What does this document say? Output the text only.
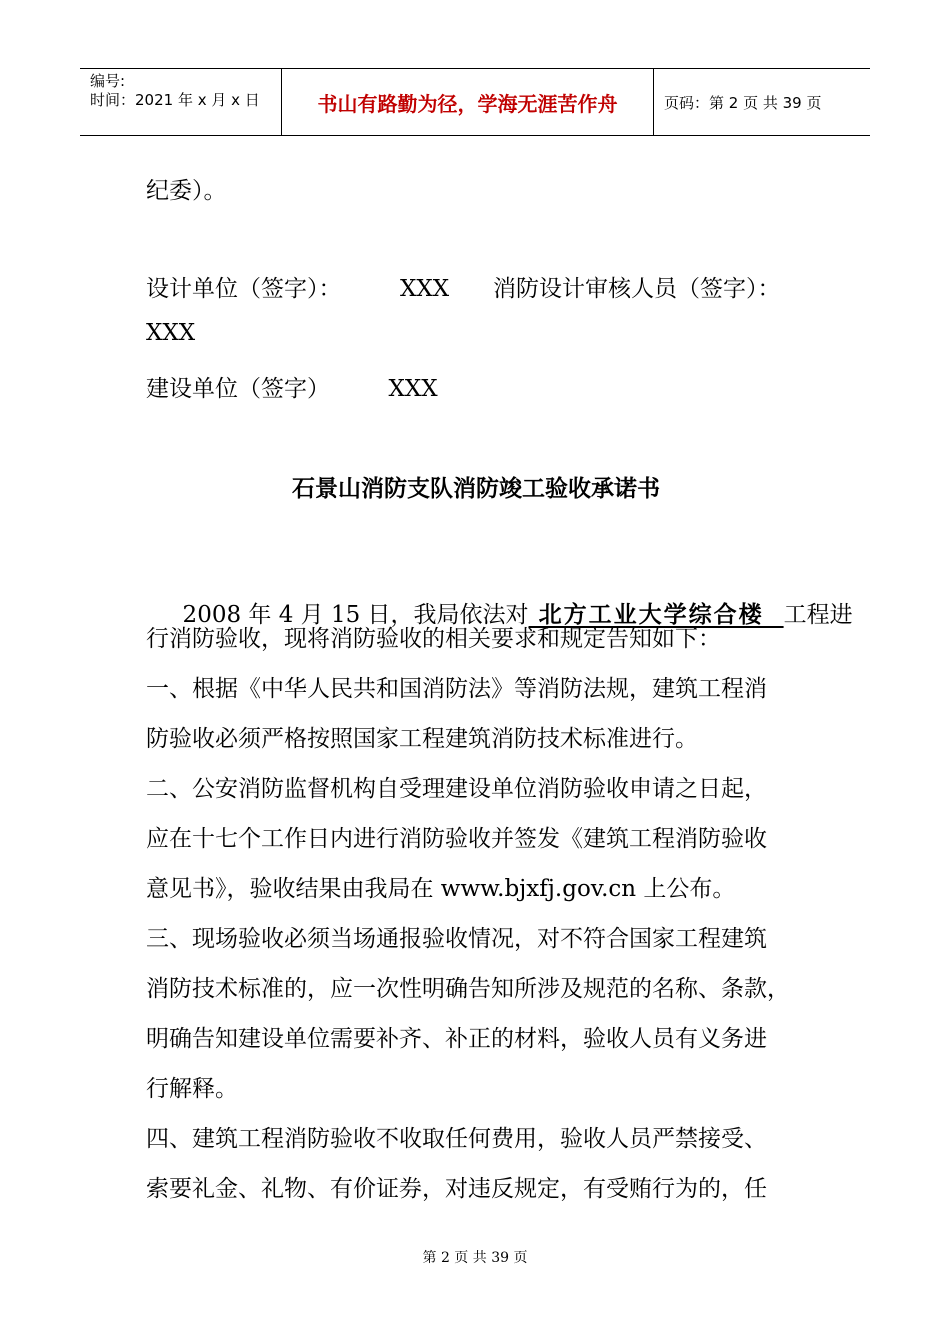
编号:
时间：2021 年 x 月 x 日	书山有路勤为径，学海无涯苦作舟	页码：第 2 页 共 39 页
纪委）。
设计单位（签字）：        XXX      消防设计审核人员（签字）：
XXX
建设单位（签字）        XXX
石景山消防支队消防竣工验收承诺书

2008 年 4 月 15 日，我局依法对 北方工业大学综合楼  工程进

行消防验收，现将消防验收的相关要求和规定告知如下：
一、根据《中华人民共和国消防法》等消防法规，建筑工程消
防验收必须严格按照国家工程建筑消防技术标准进行。
二、公安消防监督机构自受理建设单位消防验收申请之日起，
应在十七个工作日内进行消防验收并签发《建筑工程消防验收
意见书》，验收结果由我局在 www.bjxfj.gov.cn 上公布。
三、现场验收必须当场通报验收情况，对不符合国家工程建筑
消防技术标准的，应一次性明确告知所涉及规范的名称、条款，
明确告知建设单位需要补齐、补正的材料，验收人员有义务进
行解释。
四、建筑工程消防验收不收取任何费用，验收人员严禁接受、
索要礼金、礼物、有价证券，对违反规定，有受贿行为的，任
第 2 页 共 39 页
